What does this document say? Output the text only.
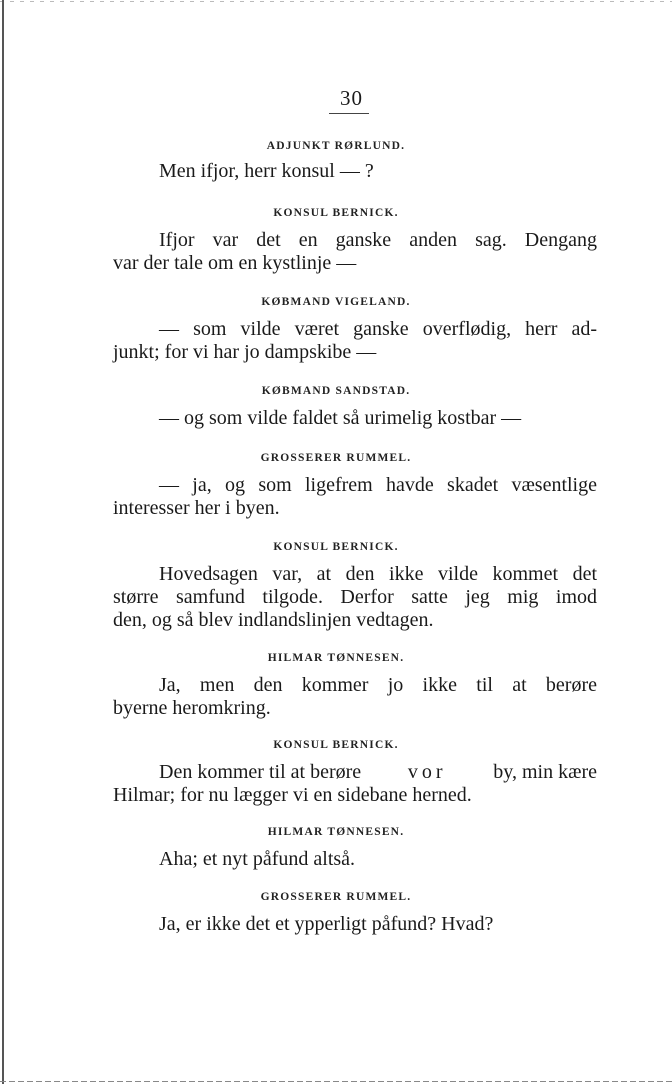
30
ADJUNKT RØRLUND.
Men ifjor, herr konsul — ?
KONSUL BERNICK.
Ifjor var det en ganske anden sag. Dengang
var der tale om en kystlinje —
KØBMAND VIGELAND.
— som vilde været ganske overflødig, herr ad-
junkt; for vi har jo dampskibe —
KØBMAND SANDSTAD.
— og som vilde faldet så urimelig kostbar —
GROSSERER RUMMEL.
— ja, og som ligefrem havde skadet væsentlige
interesser her i byen.
KONSUL BERNICK.
Hovedsagen var, at den ikke vilde kommet det
større samfund tilgode. Derfor satte jeg mig imod
den, og så blev indlandslinjen vedtagen.
HILMAR TØNNESEN.
Ja, men den kommer jo ikke til at berøre
byerne heromkring.
KONSUL BERNICK.
Den kommer til at berøre vor by, min kære
Hilmar; for nu lægger vi en sidebane herned.
HILMAR TØNNESEN.
Aha; et nyt påfund altså.
GROSSERER RUMMEL.
Ja, er ikke det et ypperligt påfund? Hvad?
